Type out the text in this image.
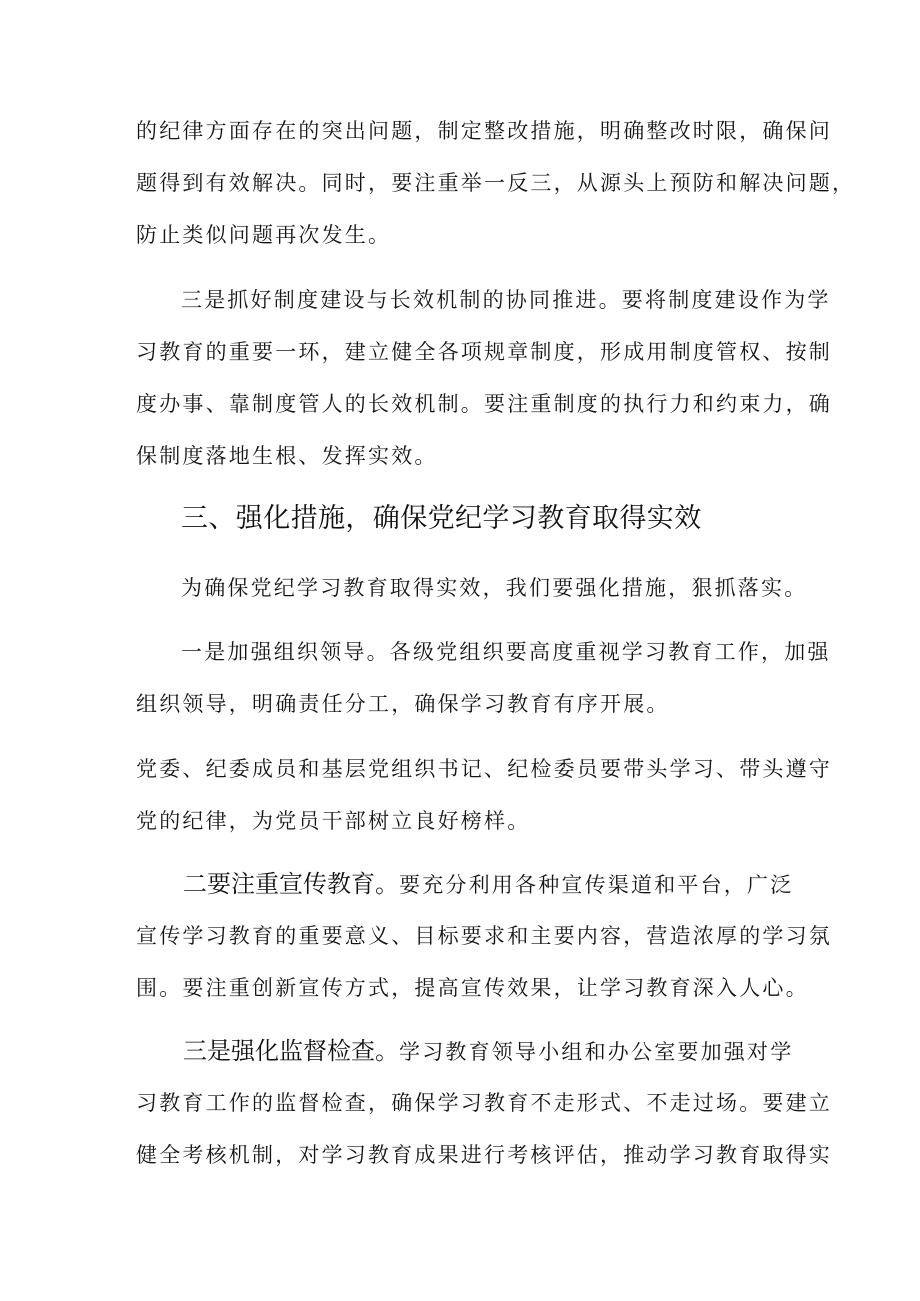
的纪律方面存在的突出问题，制定整改措施，明确整改时限，确保问
题得到有效解决。同时，要注重举一反三，从源头上预防和解决问题，
防止类似问题再次发生。
三是抓好制度建设与长效机制的协同推进。要将制度建设作为学
习教育的重要一环，建立健全各项规章制度，形成用制度管权、按制
度办事、靠制度管人的长效机制。要注重制度的执行力和约束力，确
保制度落地生根、发挥实效。
三、强化措施，确保党纪学习教育取得实效
为确保党纪学习教育取得实效，我们要强化措施，狠抓落实。
一是加强组织领导。各级党组织要高度重视学习教育工作，加强
组织领导，明确责任分工，确保学习教育有序开展。
党委、纪委成员和基层党组织书记、纪检委员要带头学习、带头遵守
党的纪律，为党员干部树立良好榜样。
二要注重宣传教育。要充分利用各种宣传渠道和平台，广泛
宣传学习教育的重要意义、目标要求和主要内容，营造浓厚的学习氛
围。要注重创新宣传方式，提高宣传效果，让学习教育深入人心。
三是强化监督检查。学习教育领导小组和办公室要加强对学
习教育工作的监督检查，确保学习教育不走形式、不走过场。要建立
健全考核机制，对学习教育成果进行考核评估，推动学习教育取得实
